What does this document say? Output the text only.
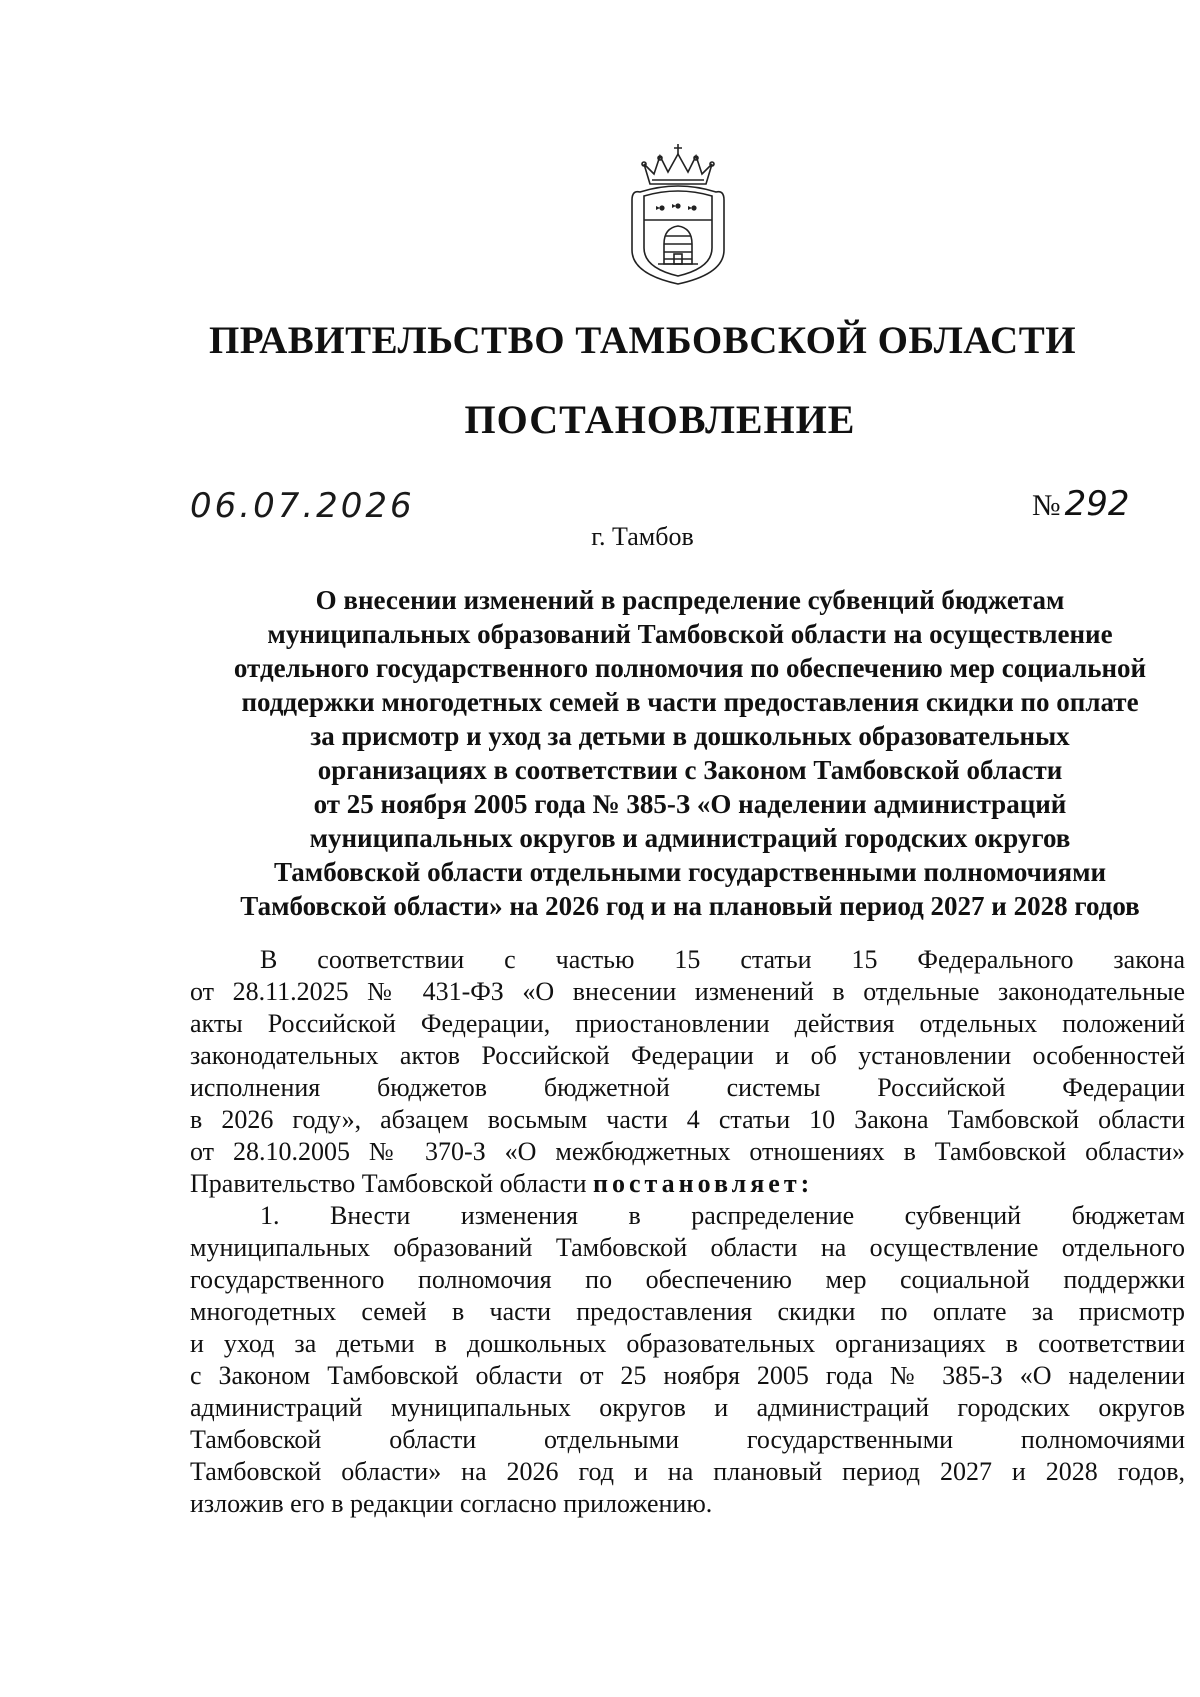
ПРАВИТЕЛЬСТВО ТАМБОВСКОЙ ОБЛАСТИ
ПОСТАНОВЛЕНИЕ
06.07.2026	№ 292
г. Тамбов
О внесении изменений в распределение субвенций бюджетам
муниципальных образований Тамбовской области на осуществление
отдельного государственного полномочия по обеспечению мер социальной
поддержки многодетных семей в части предоставления скидки по оплате
за присмотр и уход за детьми в дошкольных образовательных
организациях в соответствии с Законом Тамбовской области
от 25 ноября 2005 года № 385-З «О наделении администраций
муниципальных округов и администраций городских округов
Тамбовской области отдельными государственными полномочиями
Тамбовской области» на 2026 год и на плановый период 2027 и 2028 годов
В соответствии с частью 15 статьи 15 Федерального закона
от 28.11.2025 № 431-ФЗ «О внесении изменений в отдельные законодательные
акты Российской Федерации, приостановлении действия отдельных положений
законодательных актов Российской Федерации и об установлении особенностей
исполнения бюджетов бюджетной системы Российской Федерации
в 2026 году», абзацем восьмым части 4 статьи 10 Закона Тамбовской области
от 28.10.2005 № 370-З «О межбюджетных отношениях в Тамбовской области»
Правительство Тамбовской области постановляет:
1. Внести изменения в распределение субвенций бюджетам
муниципальных образований Тамбовской области на осуществление отдельного
государственного полномочия по обеспечению мер социальной поддержки
многодетных семей в части предоставления скидки по оплате за присмотр
и уход за детьми в дошкольных образовательных организациях в соответствии
с Законом Тамбовской области от 25 ноября 2005 года № 385-З «О наделении
администраций муниципальных округов и администраций городских округов
Тамбовской области отдельными государственными полномочиями
Тамбовской области» на 2026 год и на плановый период 2027 и 2028 годов,
изложив его в редакции согласно приложению.
